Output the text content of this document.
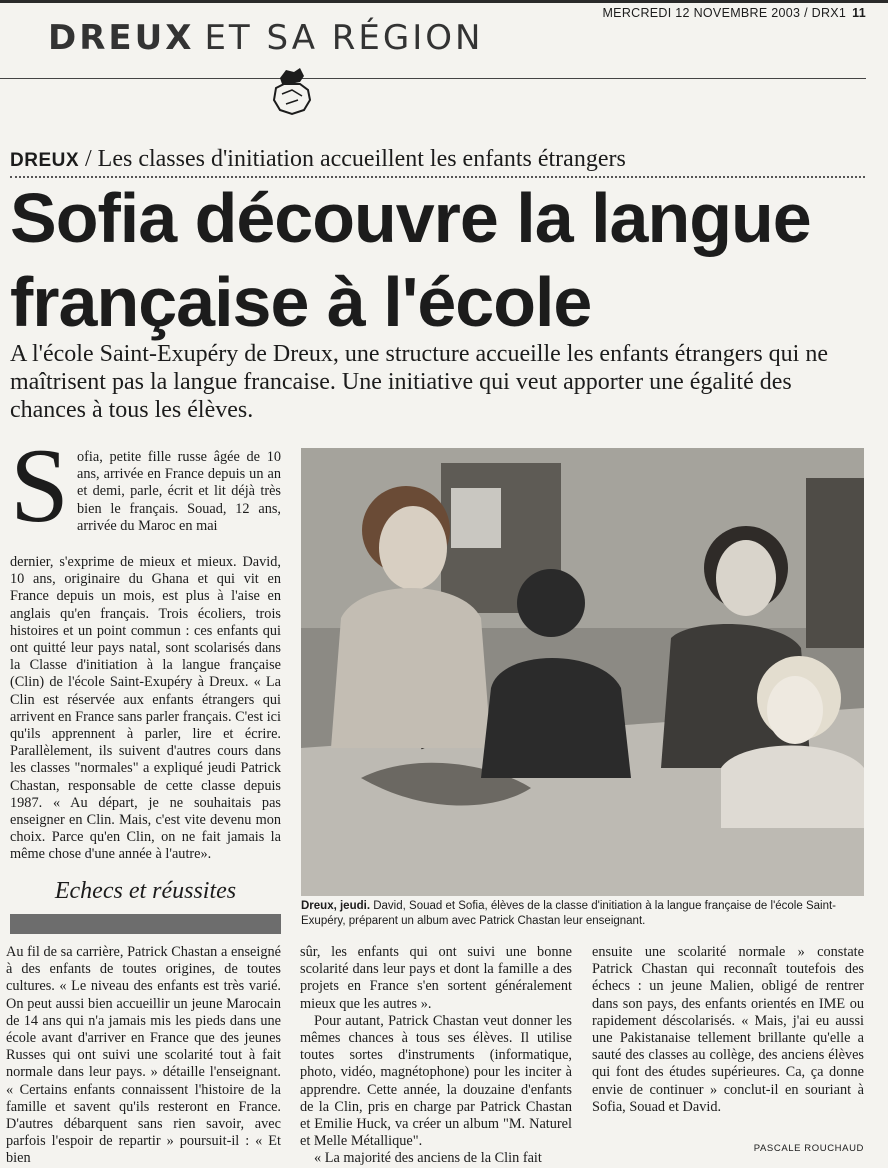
MERCREDI 12 NOVEMBRE 2003 / DRX1 11
DREUX ET SA RÉGION
DREUX / Les classes d'initiation accueillent les enfants étrangers
Sofia découvre la langue française à l'école
A l'école Saint-Exupéry de Dreux, une structure accueille les enfants étrangers qui ne maîtrisent pas la langue francaise. Une initiative qui veut apporter une égalité des chances à tous les élèves.
S ofia, petite fille russe âgée de 10 ans, arrivée en France depuis un an et demi, parle, écrit et lit déjà très bien le français. Souad, 12 ans, arrivée du Maroc en mai
dernier, s'exprime de mieux et mieux. David, 10 ans, originaire du Ghana et qui vit en France depuis un mois, est plus à l'aise en anglais qu'en français. Trois écoliers, trois histoires et un point commun : ces enfants qui ont quitté leur pays natal, sont scolarisés dans la Classe d'initiation à la langue française (Clin) de l'école Saint-Exupéry à Dreux. « La Clin est réservée aux enfants étrangers qui arrivent en France sans parler français. C'est ici qu'ils apprennent à parler, lire et écrire. Parallèlement, ils suivent d'autres cours dans les classes "normales" a expliqué jeudi Patrick Chastan, responsable de cette classe depuis 1987. « Au départ, je ne souhaitais pas enseigner en Clin. Mais, c'est vite devenu mon choix. Parce qu'en Clin, on ne fait jamais la même chose d'une année à l'autre».
Dreux, jeudi. David, Souad et Sofia, élèves de la classe d'initiation à la langue française de l'école Saint-Exupéry, préparent un album avec Patrick Chastan leur enseignant.
Echecs et réussites
Au fil de sa carrière, Patrick Chastan a enseigné à des enfants de toutes origines, de toutes cultures. « Le niveau des enfants est très varié. On peut aussi bien accueillir un jeune Marocain de 14 ans qui n'a jamais mis les pieds dans une école avant d'arriver en France que des jeunes Russes qui ont suivi une scolarité tout à fait normale dans leur pays. » détaille l'enseignant. « Certains enfants connaissent l'histoire de la famille et savent qu'ils resteront en France. D'autres débarquent sans rien savoir, avec parfois l'espoir de repartir » poursuit-il : « Et bien
sûr, les enfants qui ont suivi une bonne scolarité dans leur pays et dont la famille a des projets en France s'en sortent généralement mieux que les autres ».
Pour autant, Patrick Chastan veut donner les mêmes chances à tous ses élèves. Il utilise toutes sortes d'instruments (informatique, photo, vidéo, magnétophone) pour les inciter à apprendre. Cette année, la douzaine d'enfants de la Clin, pris en charge par Patrick Chastan et Emilie Huck, va créer un album "M. Naturel et Melle Métallique".
« La majorité des anciens de la Clin fait
ensuite une scolarité normale » constate Patrick Chastan qui reconnaît toutefois des échecs : un jeune Malien, obligé de rentrer dans son pays, des enfants orientés en IME ou rapidement déscolarisés. « Mais, j'ai eu aussi une Pakistanaise tellement brillante qu'elle a sauté des classes au collège, des anciens élèves qui font des études supérieures. Ca, ça donne envie de continuer » conclut-il en souriant à Sofia, Souad et David.
PASCALE ROUCHAUD
